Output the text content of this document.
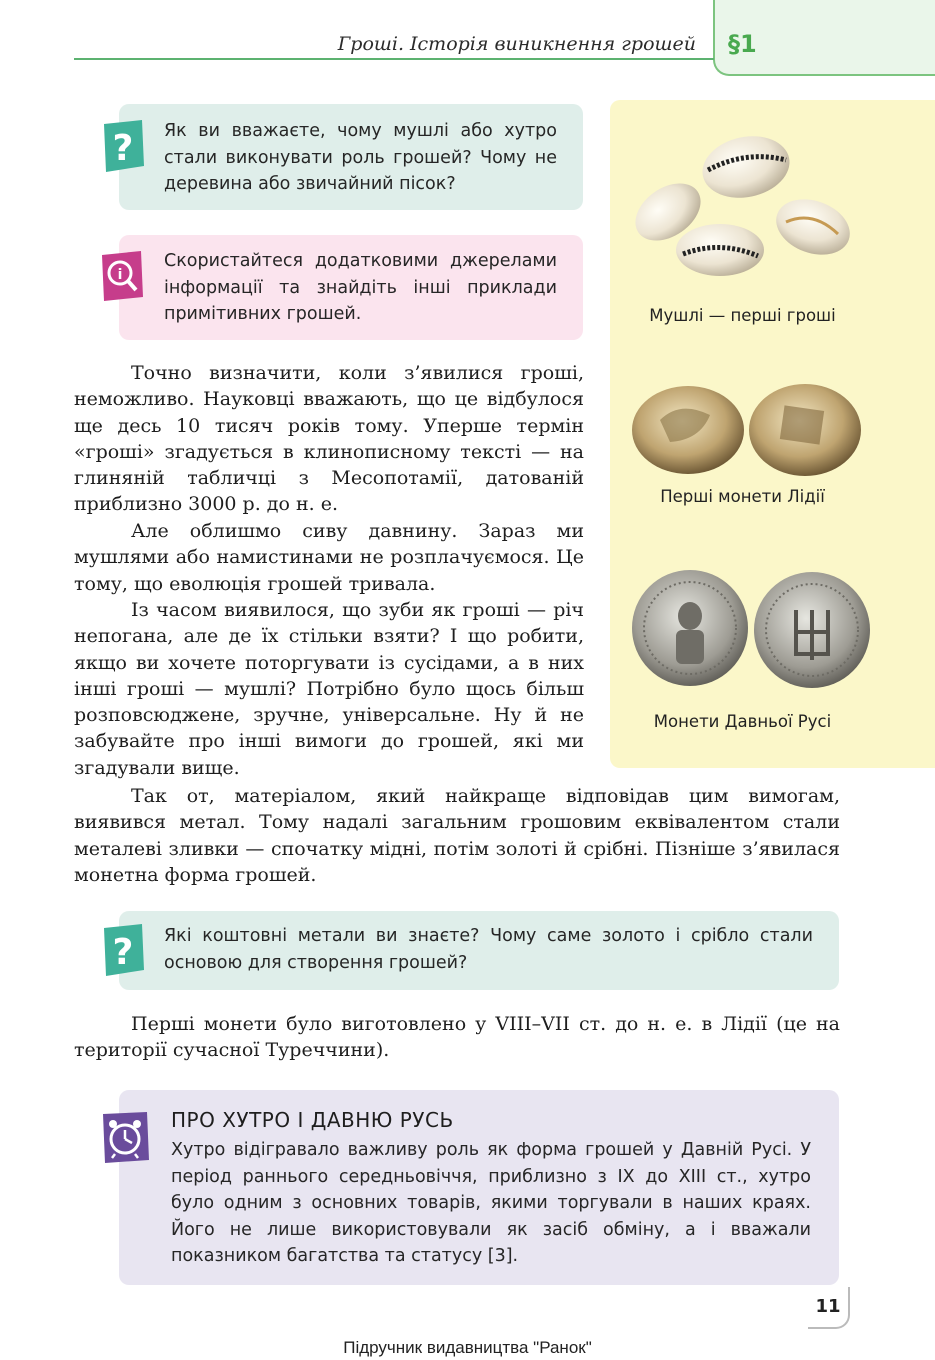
Гроші. Історія виникнення грошей §1
Мушлі — перші гроші
Перші монети Лідії
Монети Давньої Русі

Як ви вважаєте, чому мушлі або хутро стали виконувати роль грошей? Чому не деревина або звичайний пісок?

?

Скористайтеся додатковими джерелами інформації та знайдіть інші приклади примітивних грошей.

i
Точно визначити, коли з’явилися гроші, неможливо. Науковці вважають, що це відбулося ще десь 10 тисяч років тому. Уперше термін «гроші» згадується в клинописному тексті — на глиняній табличці з Месопотамії, датованій приблизно 3000 р. до н. е.
Але облишмо сиву давнину. Зараз ми мушлями або намистинами не розплачуємося. Це тому, що еволюція грошей тривала.
Із часом виявилося, що зуби як гроші — річ непогана, але де їх стільки взяти? І що робити, якщо ви хочете поторгувати із сусідами, а в них інші гроші — мушлі? Потрібно було щось більш розповсюджене, зручне, універсальне. Ну й не забувайте про інші вимоги до грошей, які ми згадували вище.
Так от, матеріалом, який найкраще відповідав цим вимогам, виявився метал. Тому надалі загальним грошовим еквівалентом стали металеві зливки — спочатку мідні, потім золоті й срібні. Пізніше з’явилася монетна форма грошей.

Які коштовні метали ви знаєте? Чому саме золото і срібло стали основою для створення грошей?

?
Перші монети було виготовлено у VIII–VII ст. до н. е. в Лідії (це на території сучасної Туреччини).
ПРО ХУТРО І ДАВНЮ РУСЬ

Хутро відігравало важливу роль як форма грошей у Давній Русі. У період раннього середньовіччя, приблизно з IX до XIII ст., хутро було одним з основних товарів, якими торгували в наших краях. Його не лише використовували як засіб обміну, а і вважали показником багатства та статусу [3].

11
Підручник видавництва "Ранок"
